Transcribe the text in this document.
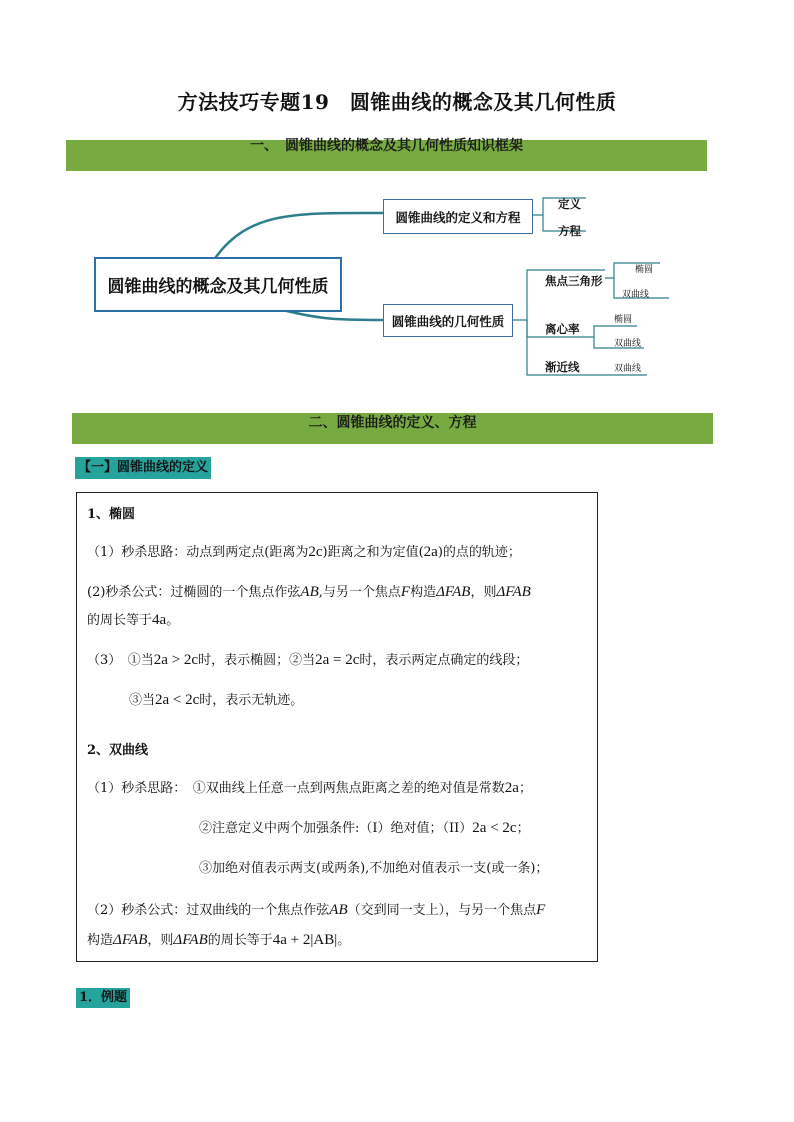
方法技巧专题19　圆锥曲线的概念及其几何性质
一、　圆锥曲线的概念及其几何性质知识框架
圆锥曲线的概念及其几何性质
圆锥曲线的定义和方程
圆锥曲线的几何性质
定义
方程
焦点三角形
离心率
渐近线
椭圆
双曲线
椭圆
双曲线
双曲线
二、圆锥曲线的定义、方程
【一】圆锥曲线的定义
1、椭圆
（1）秒杀思路：动点到两定点(距离为2c)距离之和为定值(2a)的点的轨迹；
(2)秒杀公式：过椭圆的一个焦点作弦AB,与另一个焦点F构造ΔFAB，则ΔFAB
的周长等于4a。
（3）　①当2a > 2c时，表示椭圆；②当2a = 2c时，表示两定点确定的线段；
③当2a < 2c时，表示无轨迹。
2、双曲线
（1）秒杀思路：　①双曲线上任意一点到两焦点距离之差的绝对值是常数2a；
②注意定义中两个加强条件:（I）绝对值；（II）2a < 2c；
③加绝对值表示两支(或两条),不加绝对值表示一支(或一条)；
（2）秒杀公式：过双曲线的一个焦点作弦AB（交到同一支上），与另一个焦点F
构造ΔFAB，则ΔFAB的周长等于4a + 2|AB|。
1．例题
